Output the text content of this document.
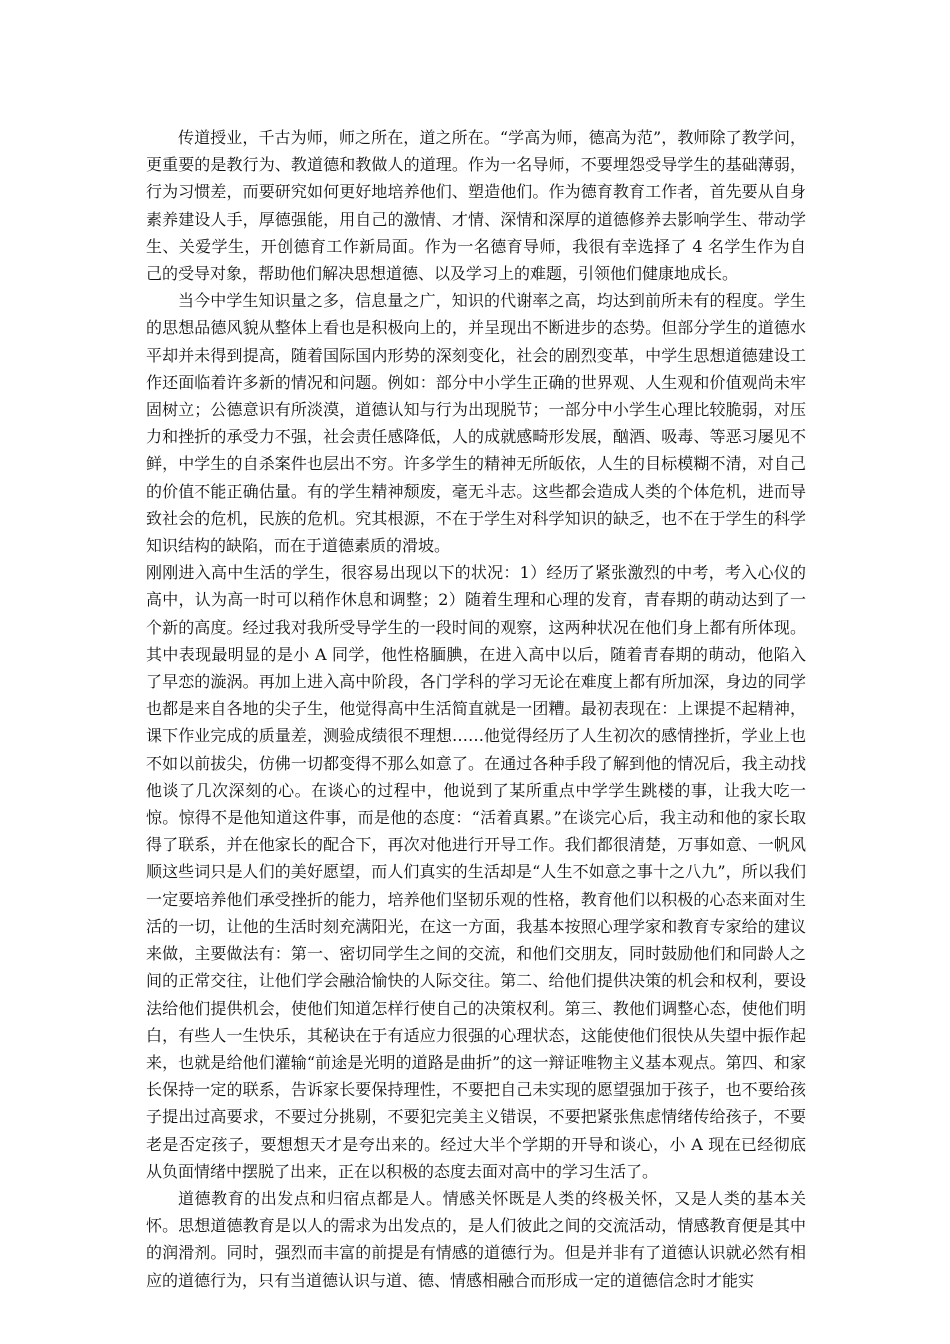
传道授业，千古为师，师之所在，道之所在。“学高为师，德高为范”，教师除了教学问，更重要的是教行为、教道德和教做人的道理。作为一名导师，不要埋怨受导学生的基础薄弱，行为习惯差，而要研究如何更好地培养他们、塑造他们。作为德育教育工作者，首先要从自身素养建设人手，厚德强能，用自己的激情、才情、深情和深厚的道德修养去影响学生、带动学生、关爱学生，开创德育工作新局面。作为一名德育导师，我很有幸选择了 4 名学生作为自己的受导对象，帮助他们解决思想道德、以及学习上的难题，引领他们健康地成长。

当今中学生知识量之多，信息量之广，知识的代谢率之高，均达到前所未有的程度。学生的思想品德风貌从整体上看也是积极向上的，并呈现出不断进步的态势。但部分学生的道德水平却并未得到提高，随着国际国内形势的深刻变化，社会的剧烈变革，中学生思想道德建设工作还面临着许多新的情况和问题。例如：部分中小学生正确的世界观、人生观和价值观尚未牢固树立；公德意识有所淡漠，道德认知与行为出现脱节；一部分中小学生心理比较脆弱，对压力和挫折的承受力不强，社会责任感降低，人的成就感畸形发展，酗酒、吸毒、等恶习屡见不鲜，中学生的自杀案件也层出不穷。许多学生的精神无所皈依，人生的目标模糊不清，对自己的价值不能正确估量。有的学生精神颓废，毫无斗志。这些都会造成人类的个体危机，进而导致社会的危机，民族的危机。究其根源，不在于学生对科学知识的缺乏，也不在于学生的科学知识结构的缺陷，而在于道德素质的滑坡。

刚刚进入高中生活的学生，很容易出现以下的状况：1）经历了紧张激烈的中考，考入心仪的高中，认为高一时可以稍作休息和调整；2）随着生理和心理的发育，青春期的萌动达到了一个新的高度。经过我对我所受导学生的一段时间的观察，这两种状况在他们身上都有所体现。其中表现最明显的是小 A 同学，他性格腼腆，在进入高中以后，随着青春期的萌动，他陷入了早恋的漩涡。再加上进入高中阶段，各门学科的学习无论在难度上都有所加深，身边的同学也都是来自各地的尖子生，他觉得高中生活简直就是一团糟。最初表现在：上课提不起精神，课下作业完成的质量差，测验成绩很不理想……他觉得经历了人生初次的感情挫折，学业上也不如以前拔尖，仿佛一切都变得不那么如意了。在通过各种手段了解到他的情况后，我主动找他谈了几次深刻的心。在谈心的过程中，他说到了某所重点中学学生跳楼的事，让我大吃一惊。惊得不是他知道这件事，而是他的态度：“活着真累。”在谈完心后，我主动和他的家长取得了联系，并在他家长的配合下，再次对他进行开导工作。我们都很清楚，万事如意、一帆风顺这些词只是人们的美好愿望，而人们真实的生活却是“人生不如意之事十之八九”，所以我们一定要培养他们承受挫折的能力，培养他们坚韧乐观的性格，教育他们以积极的心态来面对生活的一切，让他的生活时刻充满阳光，在这一方面，我基本按照心理学家和教育专家给的建议来做，主要做法有：第一、密切同学生之间的交流，和他们交朋友，同时鼓励他们和同龄人之间的正常交往，让他们学会融洽愉快的人际交往。第二、给他们提供决策的机会和权利，要设法给他们提供机会，使他们知道怎样行使自己的决策权利。第三、教他们调整心态，使他们明白，有些人一生快乐，其秘诀在于有适应力很强的心理状态，这能使他们很快从失望中振作起来，也就是给他们灌输“前途是光明的道路是曲折”的这一辩证唯物主义基本观点。第四、和家长保持一定的联系，告诉家长要保持理性，不要把自己未实现的愿望强加于孩子，也不要给孩子提出过高要求，不要过分挑剔，不要犯完美主义错误，不要把紧张焦虑情绪传给孩子，不要老是否定孩子，要想想天才是夸出来的。经过大半个学期的开导和谈心，小 A 现在已经彻底从负面情绪中摆脱了出来，正在以积极的态度去面对高中的学习生活了。

道德教育的出发点和归宿点都是人。情感关怀既是人类的终极关怀，又是人类的基本关怀。思想道德教育是以人的需求为出发点的，是人们彼此之间的交流活动，情感教育便是其中的润滑剂。同时，强烈而丰富的前提是有情感的道德行为。但是并非有了道德认识就必然有相应的道德行为，只有当道德认识与道、德、情感相融合而形成一定的道德信念时才能实
